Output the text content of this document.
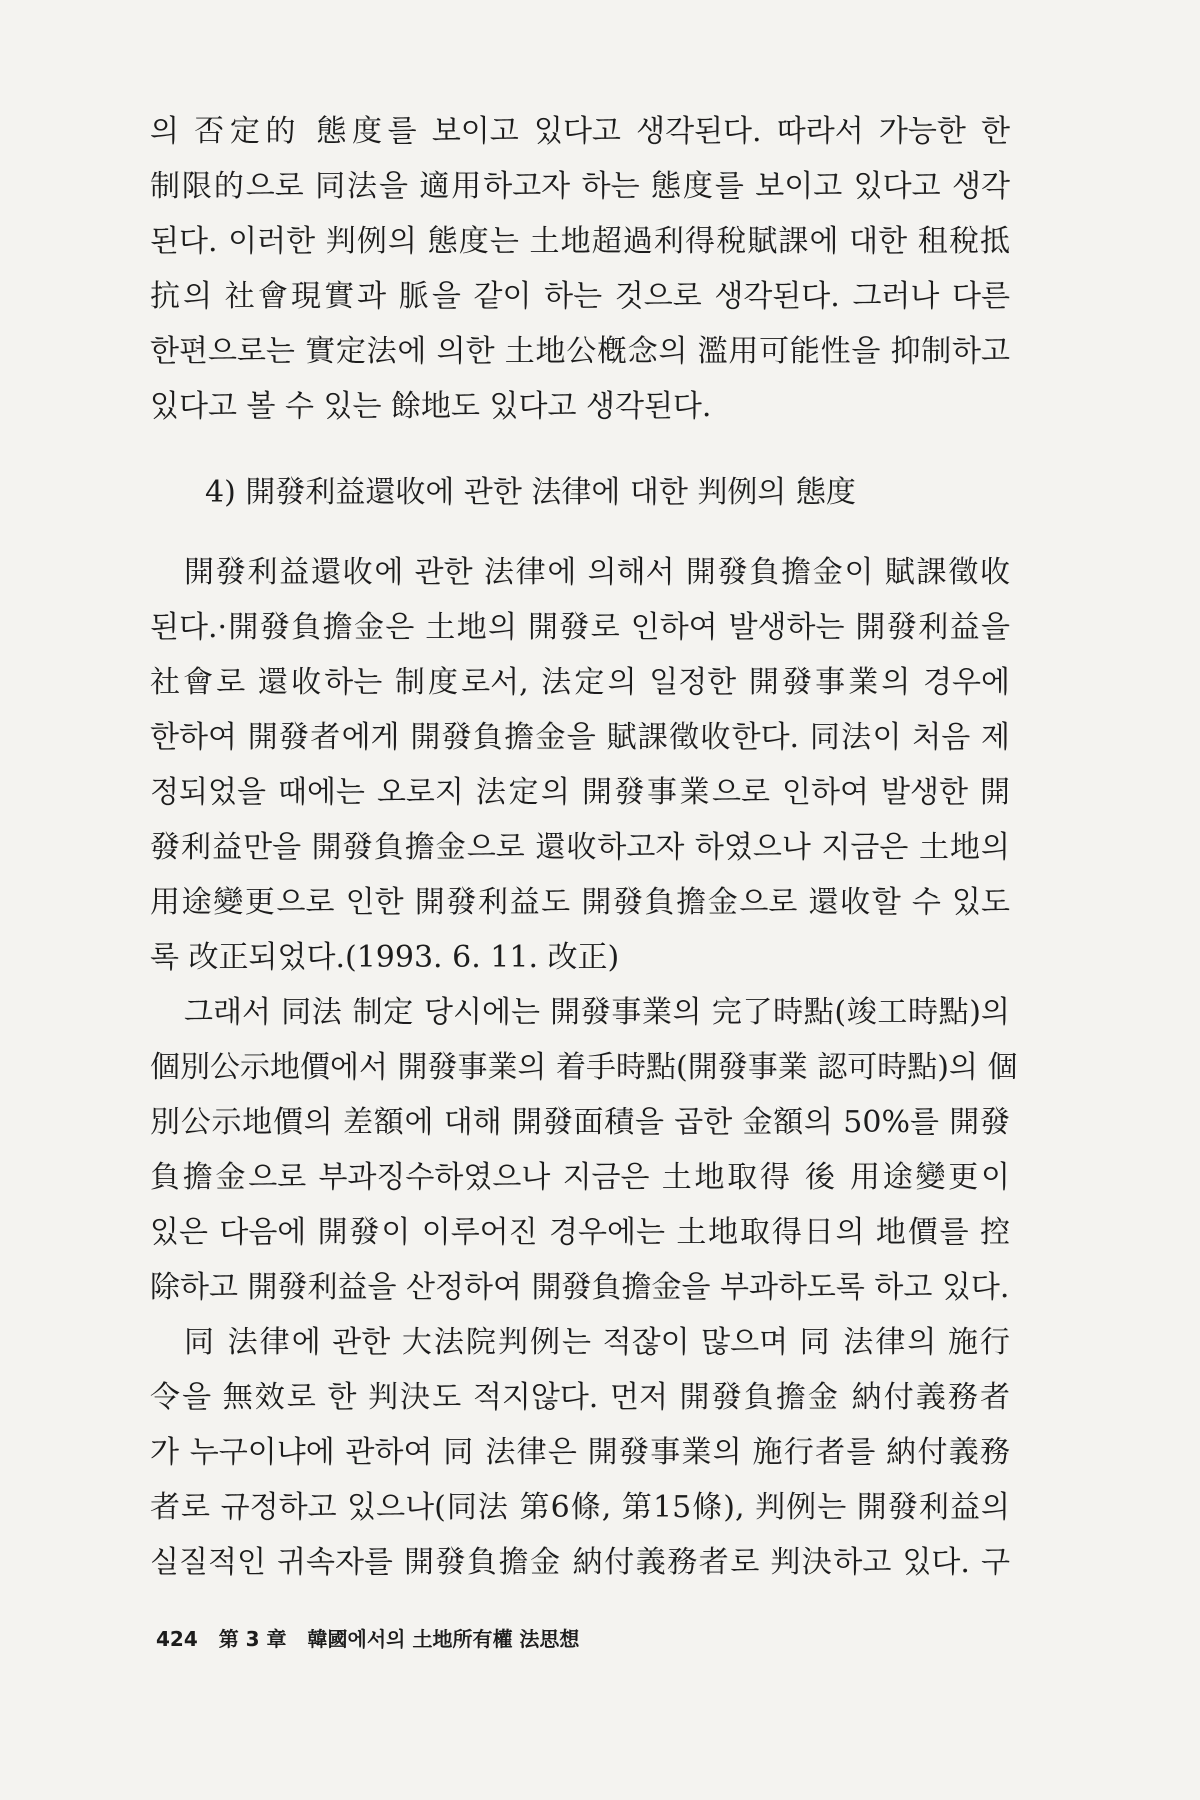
의 否定的 態度를 보이고 있다고 생각된다. 따라서 가능한 한
制限的으로 同法을 適用하고자 하는 態度를 보이고 있다고 생각
된다. 이러한 判例의 態度는 土地超過利得稅賦課에 대한 租稅抵
抗의 社會現實과 脈을 같이 하는 것으로 생각된다. 그러나 다른
한편으로는 實定法에 의한 土地公槪念의 濫用可能性을 抑制하고
있다고 볼 수 있는 餘地도 있다고 생각된다.
4) 開發利益還收에 관한 法律에 대한 判例의 態度
開發利益還收에 관한 法律에 의해서 開發負擔金이 賦課徵收
된다.·開發負擔金은 土地의 開發로 인하여 발생하는 開發利益을
社會로 還收하는 制度로서, 法定의 일정한 開發事業의 경우에
한하여 開發者에게 開發負擔金을 賦課徵收한다. 同法이 처음 제
정되었을 때에는 오로지 法定의 開發事業으로 인하여 발생한 開
發利益만을 開發負擔金으로 還收하고자 하였으나 지금은 土地의
用途變更으로 인한 開發利益도 開發負擔金으로 還收할 수 있도
록 改正되었다.(1993. 6. 11. 改正)
그래서 同法 制定 당시에는 開發事業의 完了時點(竣工時點)의
個別公示地價에서 開發事業의 着手時點(開發事業 認可時點)의 個
別公示地價의 差額에 대해 開發面積을 곱한 金額의 50%를 開發
負擔金으로 부과징수하였으나 지금은 土地取得 後 用途變更이
있은 다음에 開發이 이루어진 경우에는 土地取得日의 地價를 控
除하고 開發利益을 산정하여 開發負擔金을 부과하도록 하고 있다.
同 法律에 관한 大法院判例는 적잖이 많으며 同 法律의 施行
令을 無效로 한 判決도 적지않다. 먼저 開發負擔金 納付義務者
가 누구이냐에 관하여 同 法律은 開發事業의 施行者를 納付義務
者로 규정하고 있으나(同法 第6條, 第15條), 判例는 開發利益의
실질적인 귀속자를 開發負擔金 納付義務者로 判決하고 있다. 구
424 第 3 章 韓國에서의 土地所有權 法思想
